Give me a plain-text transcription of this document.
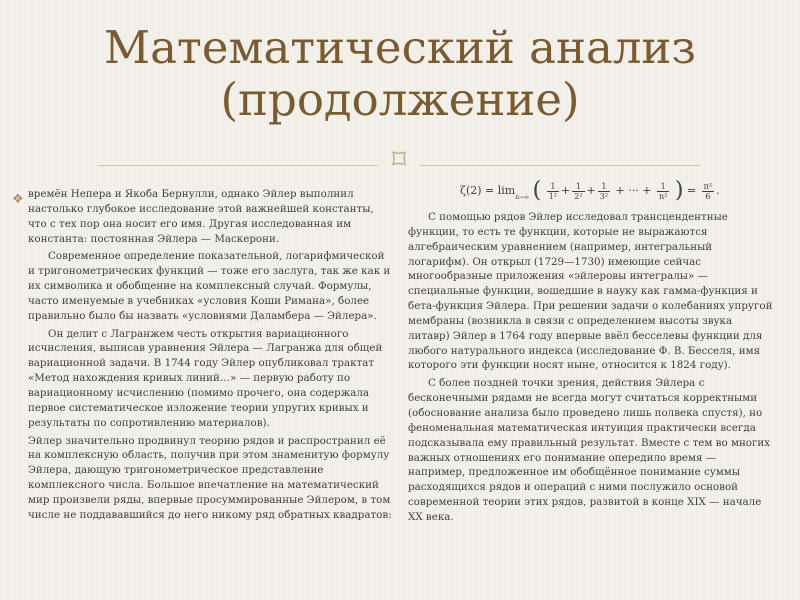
Математический анализ
(продолжение)
⌑
❖ времён Непера и Якоба Бернулли, однако Эйлер выполнил настолько глубокое исследование этой важнейшей константы, что с тех пор она носит его имя. Другая исследованная им константа: постоянная Эйлера — Маскерони.

Современное определение показательной, логарифмической и тригонометрических функций — тоже его заслуга, так же как и их символика и обобщение на комплексный случай. Формулы, часто именуемые в учебниках «условия Коши Римана», более правильно было бы назвать «условиями Даламбера — Эйлера».

Он делит с Лагранжем честь открытия вариационного исчисления, выписав уравнения Эйлера — Лагранжа для общей вариационной задачи. В 1744 году Эйлер опубликовал трактат «Метод нахождения кривых линий…» — первую работу по вариационному исчислению (помимо прочего, она содержала первое систематическое изложение теории упругих кривых и результаты по сопротивлению материалов).

Эйлер значительно продвинул теорию рядов и распространил её на комплексную область, получив при этом знаменитую формулу Эйлера, дающую тригонометрическое представление комплексного числа. Большое впечатление на математический мир произвели ряды, впервые просуммированные Эйлером, в том числе не поддававшийся до него никому ряд обратных квадратов:

$\zeta(2) = \lim_{n\to\infty}$ ( $\frac{1}{\text{1²}} + \frac{1}{\text{2²}} + \frac{1}{\text{3²}}$ + ··· + $\frac{1}{\text{n²}}$ ) = $\frac{\text{π²}}{6}$ .

С помощью рядов Эйлер исследовал трансцендентные функции, то есть те функции, которые не выражаются алгебраическим уравнением (например, интегральный логарифм). Он открыл (1729—1730) имеющие сейчас многообразные приложения «эйлеровы интегралы» — специальные функции, вошедшие в науку как гамма-функция и бета-функция Эйлера. При решении задачи о колебаниях упругой мембраны (возникла в связи с определением высоты звука литавр) Эйлер в 1764 году впервые ввёл бесселевы функции для любого натурального индекса (исследование Ф. В. Бесселя, имя которого эти функции носят ныне, относится к 1824 году).

С более поздней точки зрения, действия Эйлера с бесконечными рядами не всегда могут считаться корректными (обоснование анализа было проведено лишь полвека спустя), но феноменальная математическая интуиция практически всегда подсказывала ему правильный результат. Вместе с тем во многих важных отношениях его понимание опередило время — например, предложенное им обобщённое понимание суммы расходящихся рядов и операций с ними послужило основой современной теории этих рядов, развитой в конце XIX — начале XX века.
